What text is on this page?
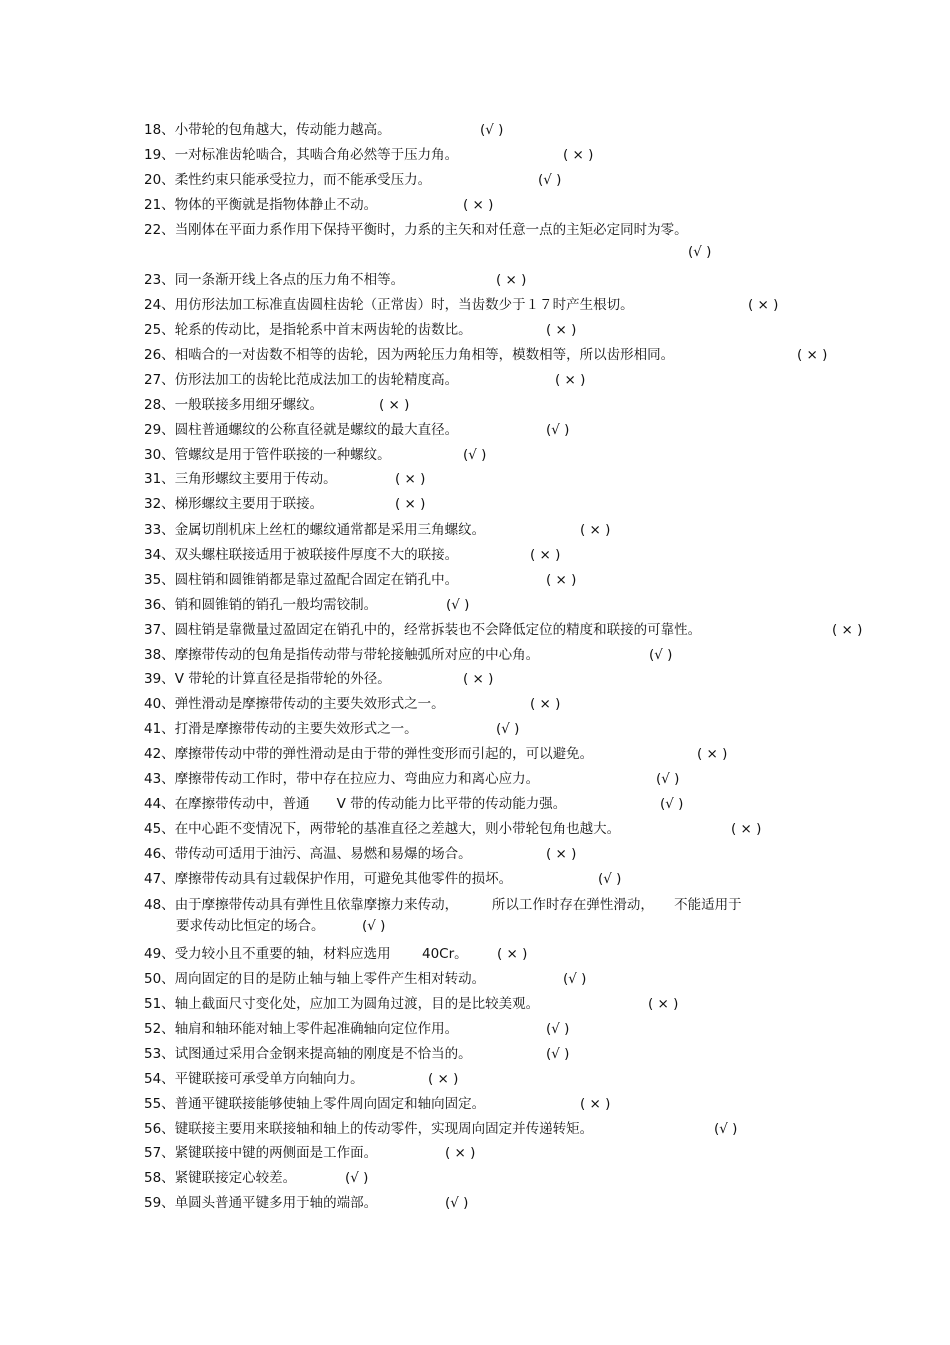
18、小带轮的包角越大，传动能力越高。	(√ )
19、一对标准齿轮啮合，其啮合角必然等于压力角。	( × )
20、柔性约束只能承受拉力，而不能承受压力。	(√ )
21、物体的平衡就是指物体静止不动。	( × )
22、当刚体在平面力系作用下保持平衡时，力系的主矢和对任意一点的主矩必定同时为零。
(√ )
23、同一条渐开线上各点的压力角不相等。	( × )
24、用仿形法加工标准直齿圆柱齿轮（正常齿）时，当齿数少于１７时产生根切。	( × )
25、轮系的传动比，是指轮系中首末两齿轮的齿数比。	( × )
26、相啮合的一对齿数不相等的齿轮，因为两轮压力角相等，模数相等，所以齿形相同。	( × )
27、仿形法加工的齿轮比范成法加工的齿轮精度高。	( × )
28、一般联接多用细牙螺纹。	( × )
29、圆柱普通螺纹的公称直径就是螺纹的最大直径。	(√ )
30、管螺纹是用于管件联接的一种螺纹。	(√ )
31、三角形螺纹主要用于传动。	( × )
32、梯形螺纹主要用于联接。	( × )
33、金属切削机床上丝杠的螺纹通常都是采用三角螺纹。	( × )
34、双头螺柱联接适用于被联接件厚度不大的联接。	( × )
35、圆柱销和圆锥销都是靠过盈配合固定在销孔中。	( × )
36、销和圆锥销的销孔一般均需铰制。	(√ )
37、圆柱销是靠微量过盈固定在销孔中的，经常拆装也不会降低定位的精度和联接的可靠性。	( × )
38、摩擦带传动的包角是指传动带与带轮接触弧所对应的中心角。	(√ )
39、V 带轮的计算直径是指带轮的外径。	( × )
40、弹性滑动是摩擦带传动的主要失效形式之一。	( × )
41、打滑是摩擦带传动的主要失效形式之一。	(√ )
42、摩擦带传动中带的弹性滑动是由于带的弹性变形而引起的，可以避免。	( × )
43、摩擦带传动工作时，带中存在拉应力、弯曲应力和离心应力。	(√ )
44、在摩擦带传动中，普通　　V 带的传动能力比平带的传动能力强。	(√ )
45、在中心距不变情况下，两带轮的基准直径之差越大，则小带轮包角也越大。	( × )
46、带传动可适用于油污、高温、易燃和易爆的场合。	( × )
47、摩擦带传动具有过载保护作用，可避免其他零件的损坏。	(√ )
48、由于摩擦带传动具有弹性且依靠摩擦力来传动，　　　所以工作时存在弹性滑动，　　不能适用于
要求传动比恒定的场合。	(√ )
49、受力较小且不重要的轴，材料应选用　　 40Cr。 ( × )
50、周向固定的目的是防止轴与轴上零件产生相对转动。	(√ )
51、轴上截面尺寸变化处，应加工为圆角过渡，目的是比较美观。	( × )
52、轴肩和轴环能对轴上零件起准确轴向定位作用。	(√ )
53、试图通过采用合金钢来提高轴的刚度是不恰当的。	(√ )
54、平键联接可承受单方向轴向力。	( × )
55、普通平键联接能够使轴上零件周向固定和轴向固定。	( × )
56、键联接主要用来联接轴和轴上的传动零件，实现周向固定并传递转矩。	(√ )
57、紧键联接中键的两侧面是工作面。	( × )
58、紧键联接定心较差。	(√ )
59、单圆头普通平键多用于轴的端部。	(√ )
